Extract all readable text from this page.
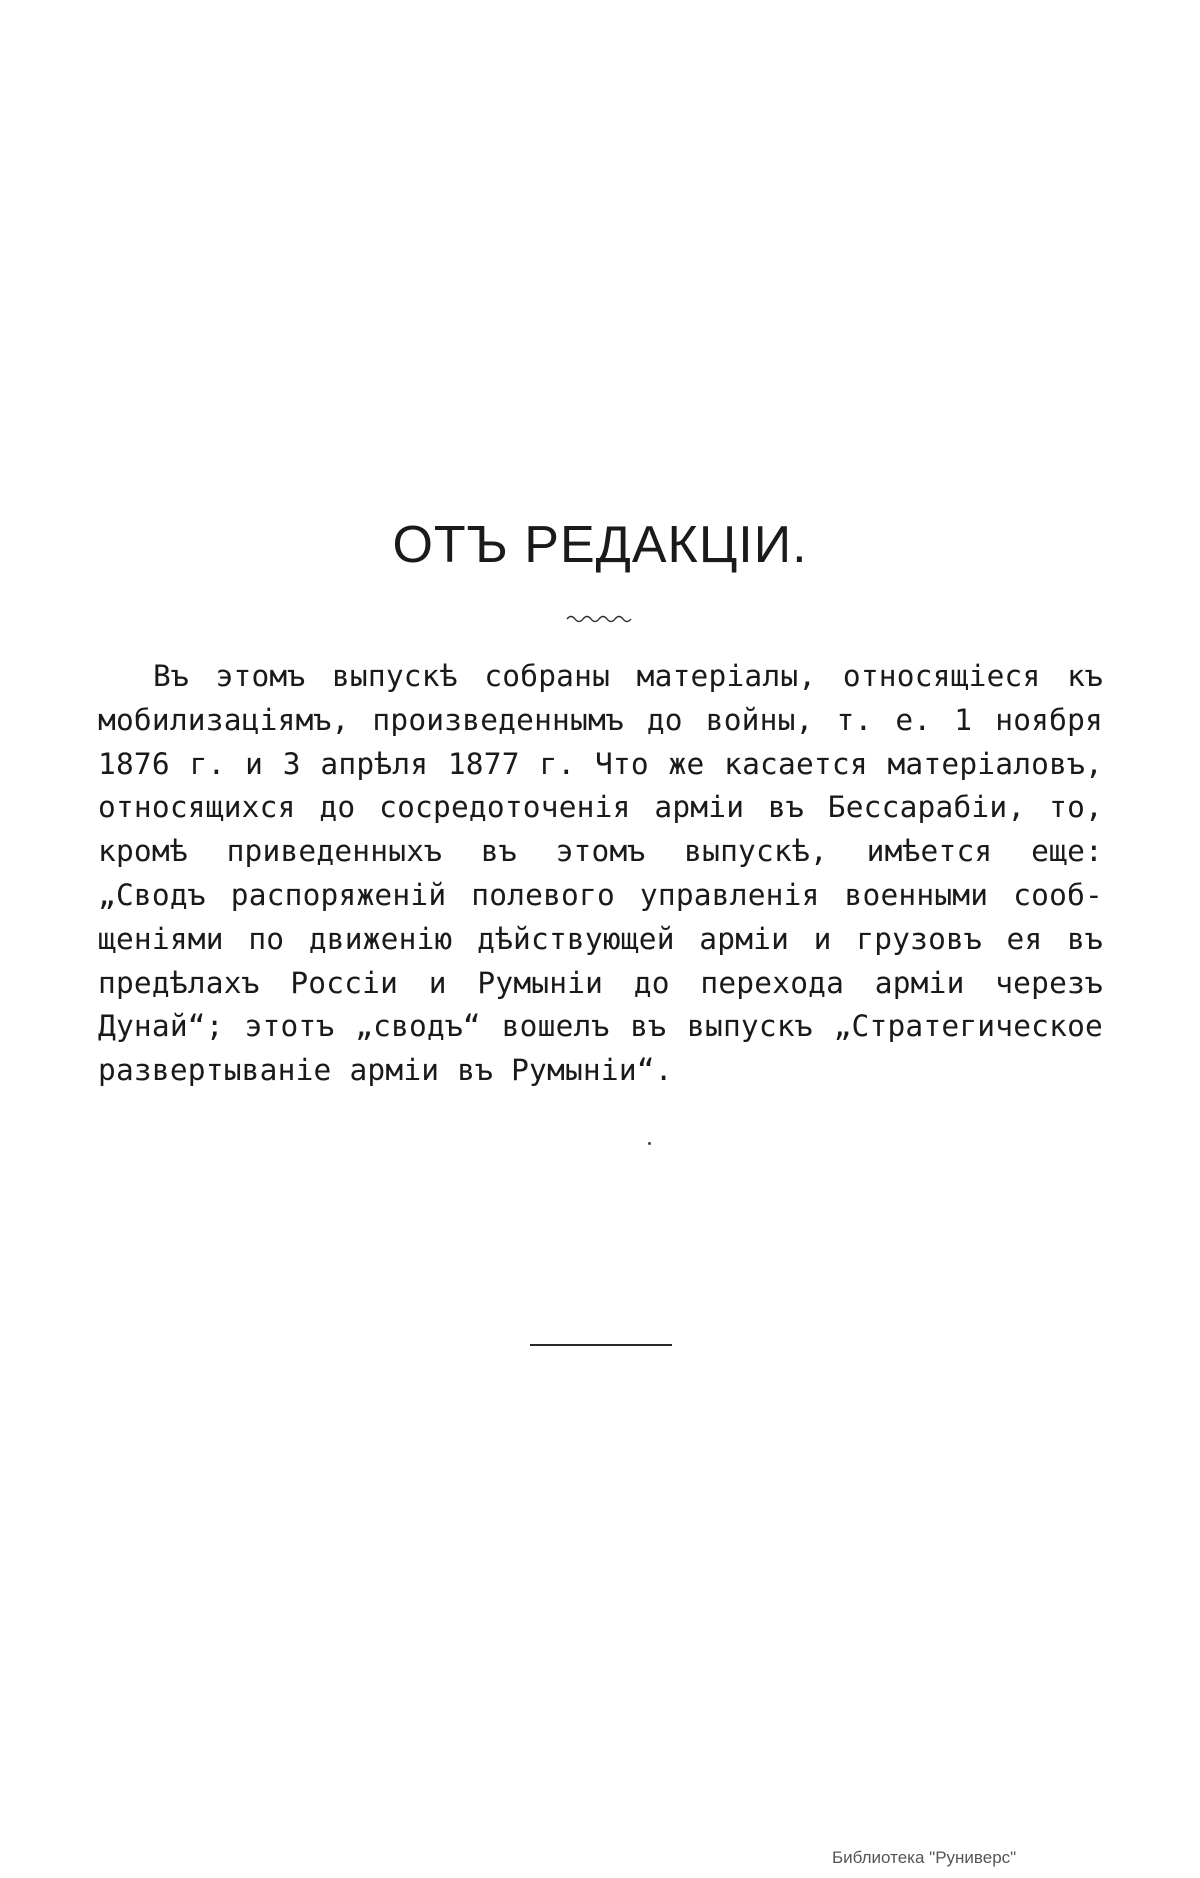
ОТЪ РЕДАКЦІИ.
Въ этомъ выпускѣ собраны матеріалы, относящіеся къ
мобилизаціямъ, произведеннымъ до войны, т. е. 1 ноября
1876 г. и 3 апрѣля 1877 г. Что же касается матеріаловъ,
относящихся до сосредоточенія арміи въ Бессарабіи, то,
кромѣ приведенныхъ въ этомъ выпускѣ, имѣется еще:
„Сводъ распоряженій полевого управленія военными сооб-
щеніями по движенію дѣйствующей арміи и грузовъ ея въ
предѣлахъ Россіи и Румыніи до перехода арміи черезъ
Дунай“; этотъ „сводъ“ вошелъ въ выпускъ „Стратегическое
развертываніе арміи въ Румыніи“.
Библиотека "Руниверс"
